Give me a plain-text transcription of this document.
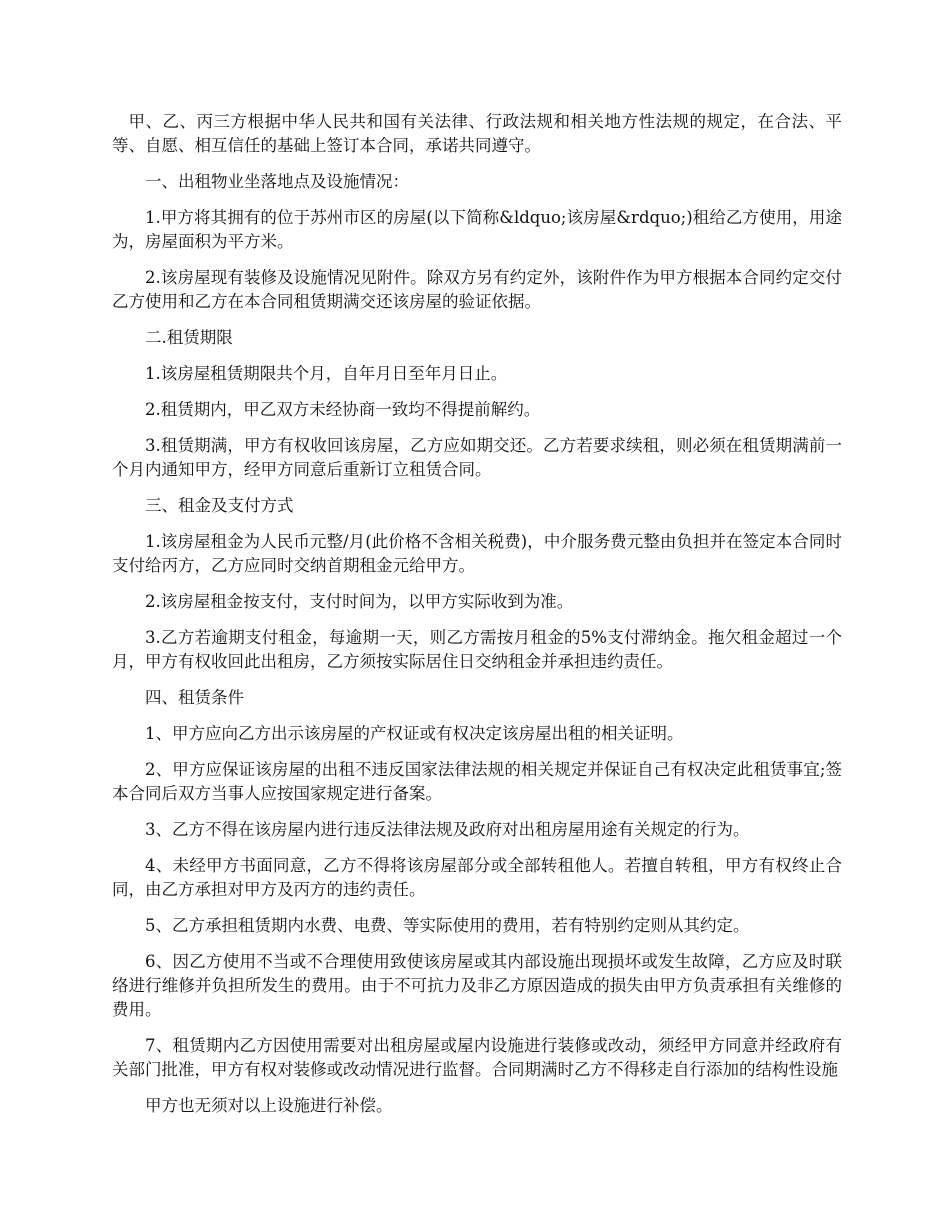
甲、乙、丙三方根据中华人民共和国有关法律、行政法规和相关地方性法规的规定，在合法、平等、自愿、相互信任的基础上签订本合同，承诺共同遵守。

一、出租物业坐落地点及设施情况：

1.甲方将其拥有的位于苏州市区的房屋(以下简称&ldquo;该房屋&rdquo;)租给乙方使用，用途为，房屋面积为平方米。

2.该房屋现有装修及设施情况见附件。除双方另有约定外，该附件作为甲方根据本合同约定交付乙方使用和乙方在本合同租赁期满交还该房屋的验证依据。

二.租赁期限

1.该房屋租赁期限共个月，自年月日至年月日止。

2.租赁期内，甲乙双方未经协商一致均不得提前解约。

3.租赁期满，甲方有权收回该房屋，乙方应如期交还。乙方若要求续租，则必须在租赁期满前一个月内通知甲方，经甲方同意后重新订立租赁合同。

三、租金及支付方式

1.该房屋租金为人民币元整/月(此价格不含相关税费)，中介服务费元整由负担并在签定本合同时支付给丙方，乙方应同时交纳首期租金元给甲方。

2.该房屋租金按支付，支付时间为，以甲方实际收到为准。

3.乙方若逾期支付租金，每逾期一天，则乙方需按月租金的5%支付滞纳金。拖欠租金超过一个月，甲方有权收回此出租房，乙方须按实际居住日交纳租金并承担违约责任。

四、租赁条件

1、甲方应向乙方出示该房屋的产权证或有权决定该房屋出租的相关证明。

2、甲方应保证该房屋的出租不违反国家法律法规的相关规定并保证自己有权决定此租赁事宜;签本合同后双方当事人应按国家规定进行备案。

3、乙方不得在该房屋内进行违反法律法规及政府对出租房屋用途有关规定的行为。

4、未经甲方书面同意，乙方不得将该房屋部分或全部转租他人。若擅自转租，甲方有权终止合同，由乙方承担对甲方及丙方的违约责任。

5、乙方承担租赁期内水费、电费、等实际使用的费用，若有特别约定则从其约定。

6、因乙方使用不当或不合理使用致使该房屋或其内部设施出现损坏或发生故障，乙方应及时联络进行维修并负担所发生的费用。由于不可抗力及非乙方原因造成的损失由甲方负责承担有关维修的费用。

7、租赁期内乙方因使用需要对出租房屋或屋内设施进行装修或改动，须经甲方同意并经政府有关部门批准，甲方有权对装修或改动情况进行监督。合同期满时乙方不得移走自行添加的结构性设施

甲方也无须对以上设施进行补偿。
